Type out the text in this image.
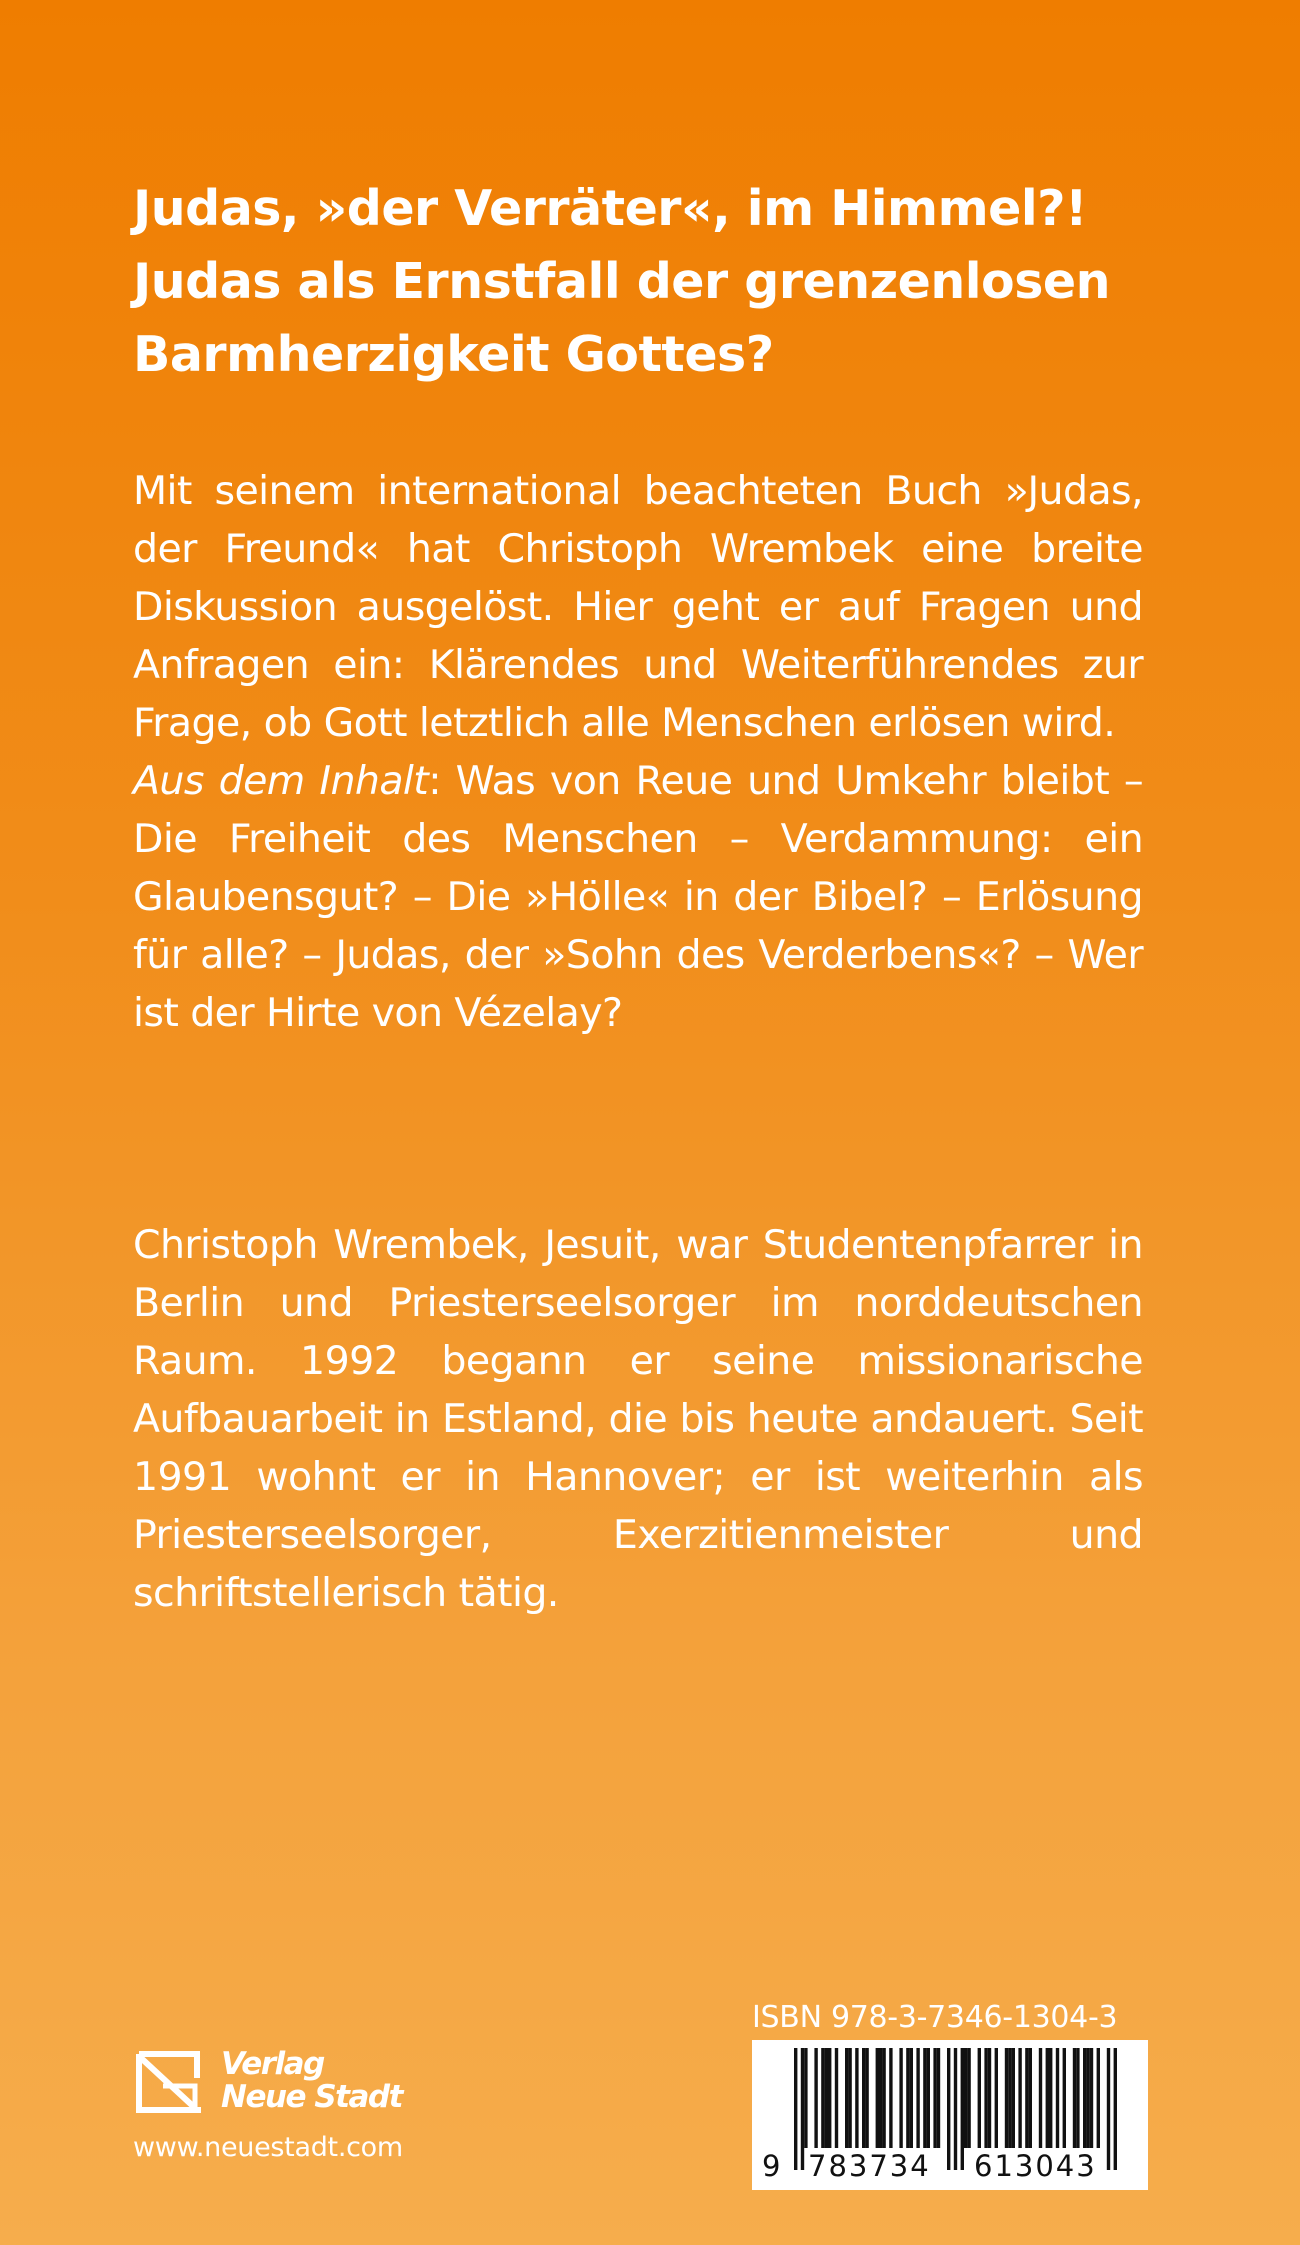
Judas, »der Verräter«, im Himmel?!
Judas als Ernstfall der grenzenlosen
Barmherzigkeit Gottes?

Mit seinem international beachteten Buch »Judas, der Freund« hat Christoph Wrembek eine breite Diskussion ausgelöst. Hier geht er auf Fragen und Anfragen ein: Klärendes und Weiterführendes zur Frage, ob Gott letztlich alle Menschen erlösen wird.

Aus dem Inhalt: Was von Reue und Umkehr bleibt – Die Freiheit des Menschen – Verdammung: ein Glaubensgut? – Die »Hölle« in der Bibel? – Erlösung für alle? – Judas, der »Sohn des Verderbens«? – Wer ist der Hirte von Vézelay?

Christoph Wrembek, Jesuit, war Studentenpfarrer in Berlin und Priesterseelsorger im norddeutschen Raum. 1992 begann er seine missionarische Aufbauarbeit in Estland, die bis heute andauert. Seit 1991 wohnt er in Hannover; er ist weiterhin als Priesterseelsorger, Exerzitienmeister und schriftstellerisch tätig.

Verlag
Neue Stadt
www.neuestadt.com
ISBN 978-3-7346-1304-3
9 783734 613043
